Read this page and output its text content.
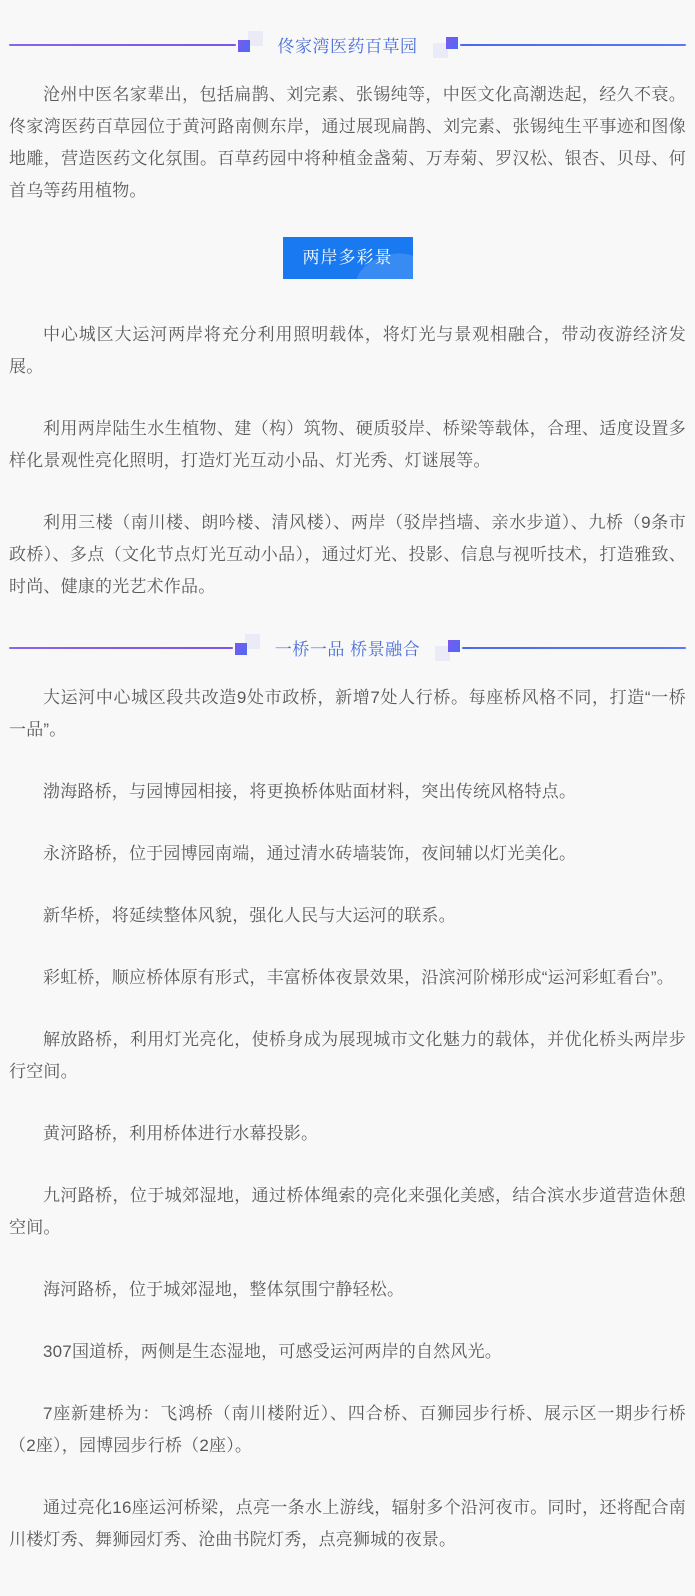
佟家湾医药百草园

沧州中医名家辈出，包括扁鹊、刘完素、张锡纯等，中医文化高潮迭起，经久不衰。佟家湾医药百草园位于黄河路南侧东岸，通过展现扁鹊、刘完素、张锡纯生平事迹和图像地雕，营造医药文化氛围。百草药园中将种植金盏菊、万寿菊、罗汉松、银杏、贝母、何首乌等药用植物。

两岸多彩景

中心城区大运河两岸将充分利用照明载体，将灯光与景观相融合，带动夜游经济发展。

利用两岸陆生水生植物、建（构）筑物、硬质驳岸、桥梁等载体，合理、适度设置多样化景观性亮化照明，打造灯光互动小品、灯光秀、灯谜展等。

利用三楼（南川楼、朗吟楼、清风楼）、两岸（驳岸挡墙、亲水步道）、九桥（9条市政桥）、多点（文化节点灯光互动小品），通过灯光、投影、信息与视听技术，打造雅致、时尚、健康的光艺术作品。

一桥一品 桥景融合

大运河中心城区段共改造9处市政桥，新增7处人行桥。每座桥风格不同，打造“一桥一品”。

渤海路桥，与园博园相接，将更换桥体贴面材料，突出传统风格特点。

永济路桥，位于园博园南端，通过清水砖墙装饰，夜间辅以灯光美化。

新华桥，将延续整体风貌，强化人民与大运河的联系。

彩虹桥，顺应桥体原有形式，丰富桥体夜景效果，沿滨河阶梯形成“运河彩虹看台”。

解放路桥，利用灯光亮化，使桥身成为展现城市文化魅力的载体，并优化桥头两岸步行空间。

黄河路桥，利用桥体进行水幕投影。

九河路桥，位于城郊湿地，通过桥体绳索的亮化来强化美感，结合滨水步道营造休憩空间。

海河路桥，位于城郊湿地，整体氛围宁静轻松。

307国道桥，两侧是生态湿地，可感受运河两岸的自然风光。

7座新建桥为：飞鸿桥（南川楼附近）、四合桥、百狮园步行桥、展示区一期步行桥（2座），园博园步行桥（2座）。

通过亮化16座运河桥梁，点亮一条水上游线，辐射多个沿河夜市。同时，还将配合南川楼灯秀、舞狮园灯秀、沧曲书院灯秀，点亮狮城的夜景。
